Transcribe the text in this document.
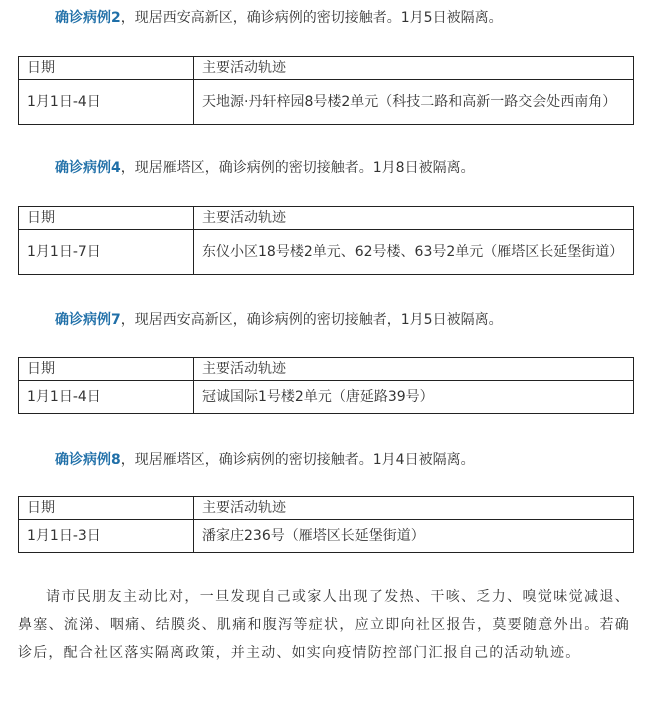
确诊病例2，现居西安高新区，确诊病例的密切接触者。1月5日被隔离。
日期	主要活动轨迹
1月1日-4日	天地源·丹轩梓园8号楼2单元（科技二路和高新一路交会处西南角）
确诊病例4，现居雁塔区，确诊病例的密切接触者。1月8日被隔离。
日期	主要活动轨迹
1月1日-7日	东仪小区18号楼2单元、62号楼、63号2单元（雁塔区长延堡街道）
确诊病例7，现居西安高新区，确诊病例的密切接触者，1月5日被隔离。
日期	主要活动轨迹
1月1日-4日	冠诚国际1号楼2单元（唐延路39号）
确诊病例8，现居雁塔区，确诊病例的密切接触者。1月4日被隔离。
日期	主要活动轨迹
1月1日-3日	潘家庄236号（雁塔区长延堡街道）

请市民朋友主动比对，一旦发现自己或家人出现了发热、干咳、乏力、嗅觉味觉减退、鼻塞、流涕、咽痛、结膜炎、肌痛和腹泻等症状，应立即向社区报告，莫要随意外出。若确诊后，配合社区落实隔离政策，并主动、如实向疫情防控部门汇报自己的活动轨迹。
